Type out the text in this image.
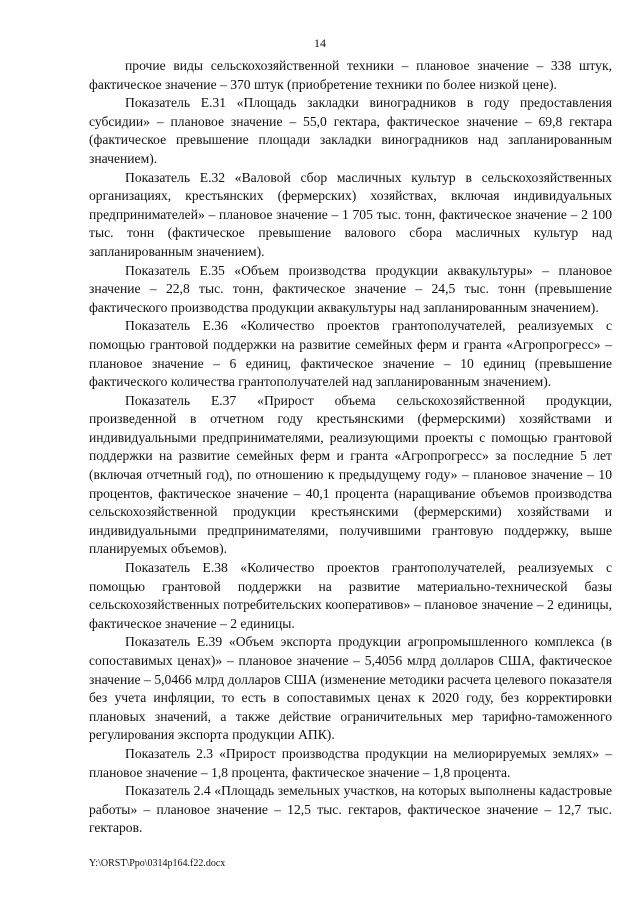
14

прочие виды сельскохозяйственной техники – плановое значение – 338 штук, фактическое значение – 370 штук (приобретение техники по более низкой цене).

Показатель Е.31 «Площадь закладки виноградников в году предоставления субсидии» – плановое значение – 55,0 гектара, фактическое значение – 69,8 гектара (фактическое превышение площади закладки виноградников над запланированным значением).

Показатель Е.32 «Валовой сбор масличных культур в сельскохозяйственных организациях, крестьянских (фермерских) хозяйствах, включая индивидуальных предпринимателей» – плановое значение – 1 705 тыс. тонн, фактическое значение – 2 100 тыс. тонн (фактическое превышение валового сбора масличных культур над запланированным значением).

Показатель Е.35 «Объем производства продукции аквакультуры» – плановое значение – 22,8 тыс. тонн, фактическое значение – 24,5 тыс. тонн (превышение фактического производства продукции аквакультуры над запланированным значением).

Показатель Е.36 «Количество проектов грантополучателей, реализуемых с помощью грантовой поддержки на развитие семейных ферм и гранта «Агропрогресс» – плановое значение – 6 единиц, фактическое значение – 10 единиц (превышение фактического количества грантополучателей над запланированным значением).

Показатель Е.37 «Прирост объема сельскохозяйственной продукции, произведенной в отчетном году крестьянскими (фермерскими) хозяйствами и индивидуальными предпринимателями, реализующими проекты с помощью грантовой поддержки на развитие семейных ферм и гранта «Агропрогресс» за последние 5 лет (включая отчетный год), по отношению к предыдущему году» – плановое значение – 10 процентов, фактическое значение – 40,1 процента (наращивание объемов производства сельскохозяйственной продукции крестьянскими (фермерскими) хозяйствами и индивидуальными предпринимателями, получившими грантовую поддержку, выше планируемых объемов).

Показатель Е.38 «Количество проектов грантополучателей, реализуемых с помощью грантовой поддержки на развитие материально-технической базы сельскохозяйственных потребительских кооперативов» – плановое значение – 2 единицы, фактическое значение – 2 единицы.

Показатель Е.39 «Объем экспорта продукции агропромышленного комплекса (в сопоставимых ценах)» – плановое значение – 5,4056 млрд долларов США, фактическое значение – 5,0466 млрд долларов США (изменение методики расчета целевого показателя без учета инфляции, то есть в сопоставимых ценах к 2020 году, без корректировки плановых значений, а также действие ограничительных мер тарифно-таможенного регулирования экспорта продукции АПК).

Показатель 2.3 «Прирост производства продукции на мелиорируемых землях» – плановое значение – 1,8 процента, фактическое значение – 1,8 процента.

Показатель 2.4 «Площадь земельных участков, на которых выполнены кадастровые работы» – плановое значение – 12,5 тыс. гектаров, фактическое значение – 12,7 тыс. гектаров.

Y:\ORST\Ppo\0314p164.f22.docx
